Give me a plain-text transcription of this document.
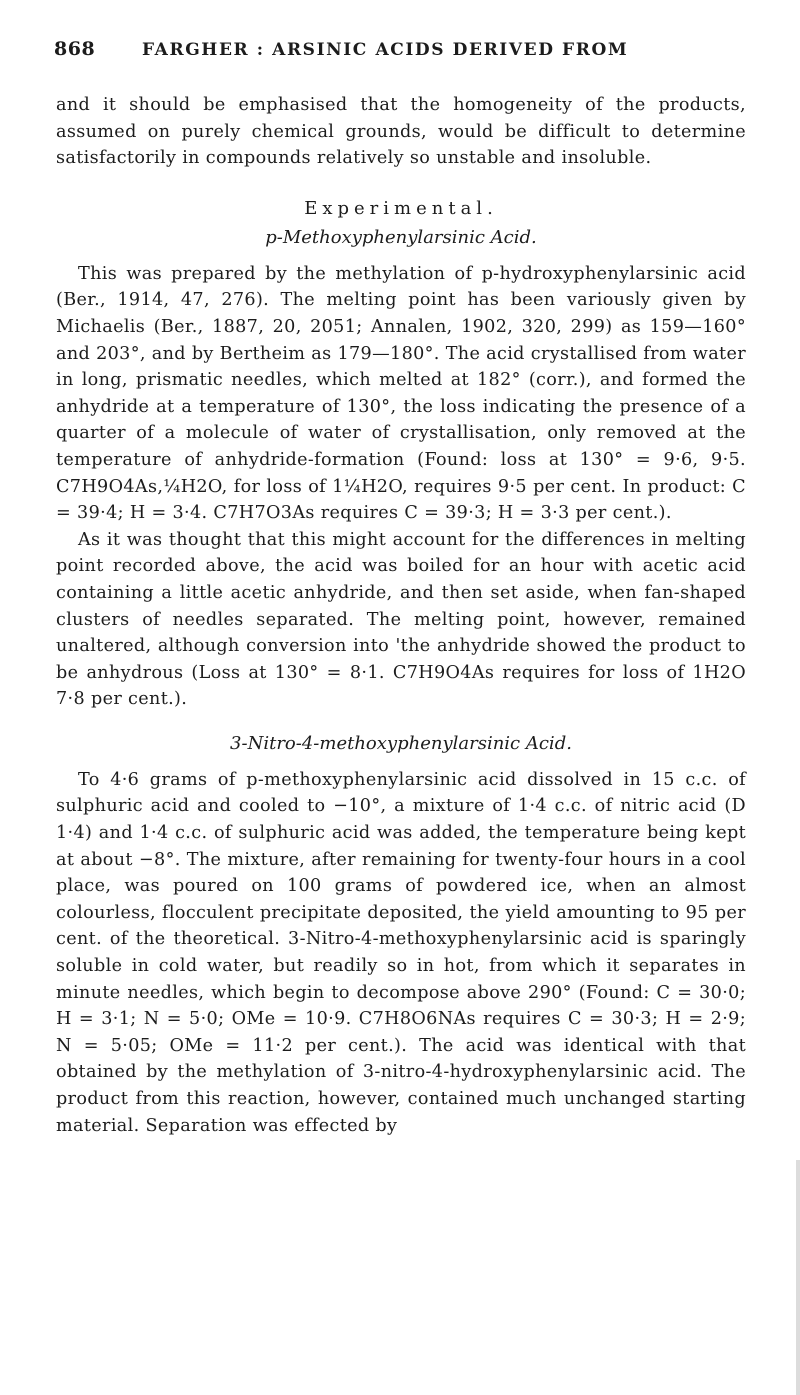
868	FARGHER : ARSINIC ACIDS DERIVED FROM

and it should be emphasised that the homogeneity of the products, assumed on purely chemical grounds, would be difficult to determine satisfactorily in compounds relatively so unstable and insoluble.

Experimental.
p-Methoxyphenylarsinic Acid.

This was prepared by the methylation of p-hydroxyphenylarsinic acid (Ber., 1914, 47, 276). The melting point has been variously given by Michaelis (Ber., 1887, 20, 2051; Annalen, 1902, 320, 299) as 159—160° and 203°, and by Bertheim as 179—180°. The acid crystallised from water in long, prismatic needles, which melted at 182° (corr.), and formed the anhydride at a temperature of 130°, the loss indicating the presence of a quarter of a molecule of water of crystallisation, only removed at the temperature of anhydride-formation (Found: loss at 130° = 9·6, 9·5. C7H9O4As,¼H2O, for loss of 1¼H2O, requires 9·5 per cent. In product: C = 39·4; H = 3·4. C7H7O3As requires C = 39·3; H = 3·3 per cent.).

As it was thought that this might account for the differences in melting point recorded above, the acid was boiled for an hour with acetic acid containing a little acetic anhydride, and then set aside, when fan-shaped clusters of needles separated. The melting point, however, remained unaltered, although conversion into 'the anhydride showed the product to be anhydrous (Loss at 130° = 8·1. C7H9O4As requires for loss of 1H2O 7·8 per cent.).

3-Nitro-4-methoxyphenylarsinic Acid.

To 4·6 grams of p-methoxyphenylarsinic acid dissolved in 15 c.c. of sulphuric acid and cooled to −10°, a mixture of 1·4 c.c. of nitric acid (D 1·4) and 1·4 c.c. of sulphuric acid was added, the temperature being kept at about −8°. The mixture, after remaining for twenty-four hours in a cool place, was poured on 100 grams of powdered ice, when an almost colourless, flocculent precipitate deposited, the yield amounting to 95 per cent. of the theoretical. 3-Nitro-4-methoxyphenylarsinic acid is sparingly soluble in cold water, but readily so in hot, from which it separates in minute needles, which begin to decompose above 290° (Found: C = 30·0; H = 3·1; N = 5·0; OMe = 10·9. C7H8O6NAs requires C = 30·3; H = 2·9; N = 5·05; OMe = 11·2 per cent.). The acid was identical with that obtained by the methylation of 3-nitro-4-hydroxyphenylarsinic acid. The product from this reaction, however, contained much unchanged starting material. Separation was effected by
